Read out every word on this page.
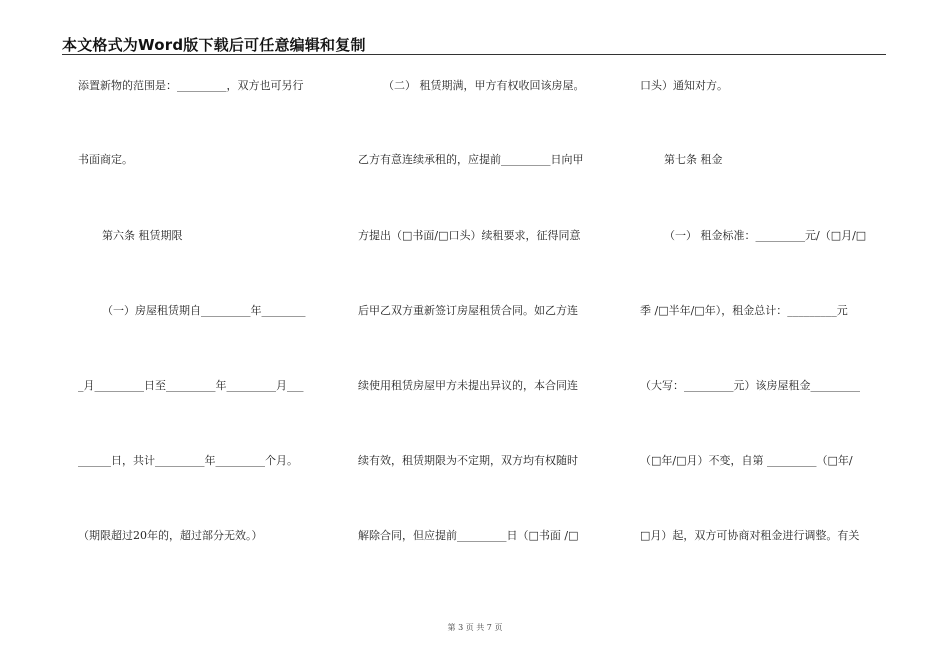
本文格式为Word版下载后可任意编辑和复制
添置新物的范围是：_________，双方也可另行
书面商定。
第六条 租赁期限
（一）房屋租赁期自_________年________
_月_________日至_________年_________月___
______日，共计_________年_________个月。
（期限超过20年的，超过部分无效。）
（二） 租赁期满，甲方有权收回该房屋。
乙方有意连续承租的，应提前_________日向甲
方提出（□书面/□口头）续租要求，征得同意
后甲乙双方重新签订房屋租赁合同。如乙方连
续使用租赁房屋甲方未提出异议的，本合同连
续有效，租赁期限为不定期，双方均有权随时
解除合同，但应提前_________日（□书面 /□
口头）通知对方。
第七条 租金
（一） 租金标准：_________元/（□月/□
季 /□半年/□年），租金总计：_________元
（大写：_________元）该房屋租金_________
（□年/□月）不变，自第 _________（□年/
□月）起，双方可协商对租金进行调整。有关
第 3 页 共 7 页
